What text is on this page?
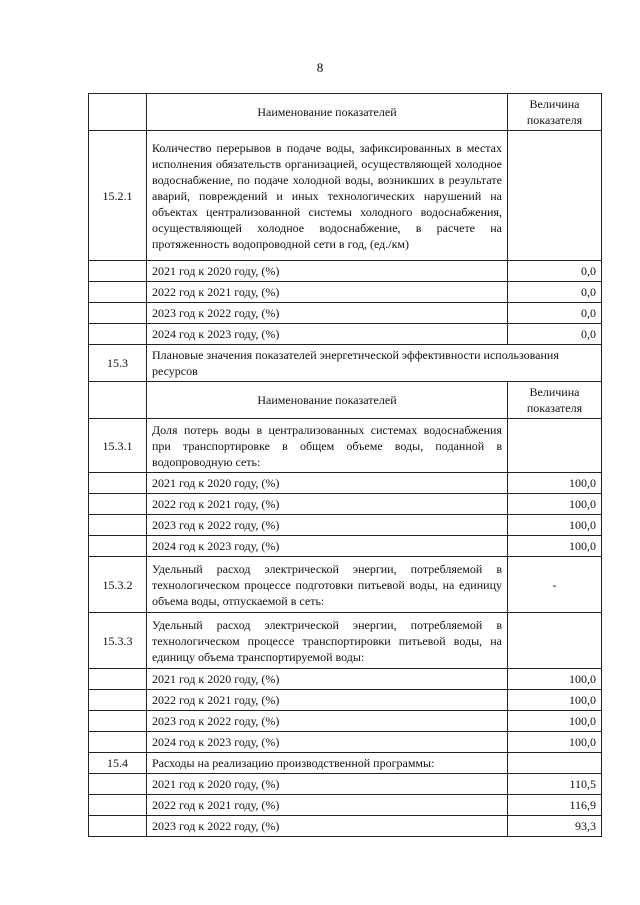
8
	Наименование показателей	Величина показателя
15.2.1	Количество перерывов в подаче воды, зафиксированных в местах исполнения обязательств организацией, осуществляющей холодное водоснабжение, по подаче холодной воды, возникших в результате аварий, повреждений и иных технологических нарушений на объектах централизованной системы холодного водоснабжения, осуществляющей холодное водоснабжение, в расчете на протяженность водопроводной сети в год, (ед./км)	
	2021 год к 2020 году, (%)	0,0
	2022 год к 2021 году, (%)	0,0
	2023 год к 2022 году, (%)	0,0
	2024 год к 2023 году, (%)	0,0
15.3	Плановые значения показателей энергетической эффективности использования ресурсов	
	Наименование показателей	Величина показателя
15.3.1	Доля потерь воды в централизованных системах водоснабжения при транспортировке в общем объеме воды, поданной в водопроводную сеть:	
	2021 год к 2020 году, (%)	100,0
	2022 год к 2021 году, (%)	100,0
	2023 год к 2022 году, (%)	100,0
	2024 год к 2023 году, (%)	100,0
15.3.2	Удельный расход электрической энергии, потребляемой в технологическом процессе подготовки питьевой воды, на единицу объема воды, отпускаемой в сеть:	-
15.3.3	Удельный расход электрической энергии, потребляемой в технологическом процессе транспортировки питьевой воды, на единицу объема транспортируемой воды:	
	2021 год к 2020 году, (%)	100,0
	2022 год к 2021 году, (%)	100,0
	2023 год к 2022 году, (%)	100,0
	2024 год к 2023 году, (%)	100,0
15.4	Расходы на реализацию производственной программы:	
	2021 год к 2020 году, (%)	110,5
	2022 год к 2021 году, (%)	116,9
	2023 год к 2022 году, (%)	93,3
